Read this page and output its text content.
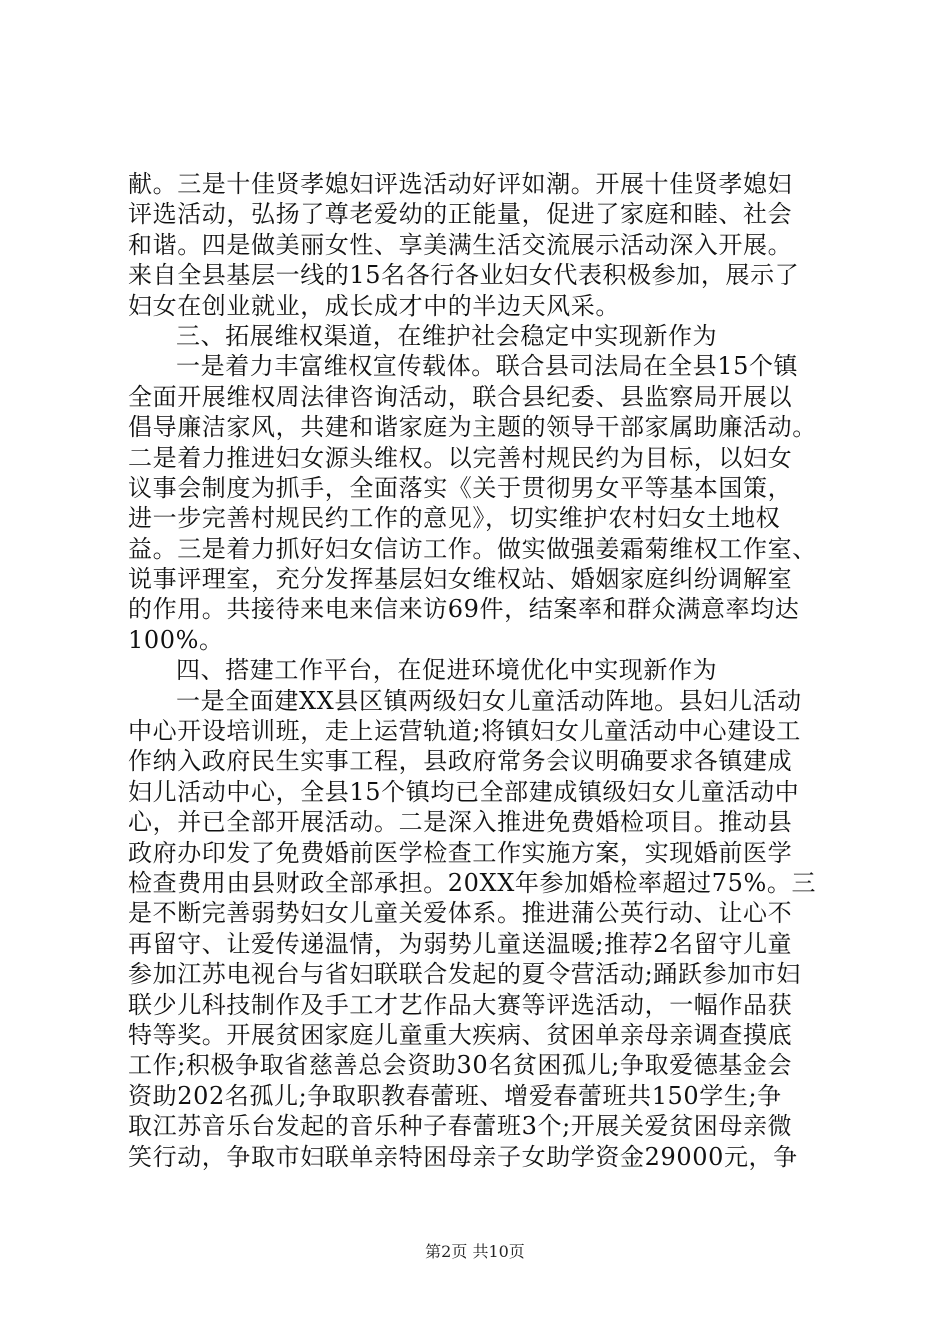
献。三是十佳贤孝媳妇评选活动好评如潮。开展十佳贤孝媳妇
评选活动，弘扬了尊老爱幼的正能量，促进了家庭和睦、社会
和谐。四是做美丽女性、享美满生活交流展示活动深入开展。
来自全县基层一线的15名各行各业妇女代表积极参加，展示了
妇女在创业就业，成长成才中的半边天风采。
三、拓展维权渠道，在维护社会稳定中实现新作为
一是着力丰富维权宣传载体。联合县司法局在全县15个镇
全面开展维权周法律咨询活动，联合县纪委、县监察局开展以
倡导廉洁家风，共建和谐家庭为主题的领导干部家属助廉活动。
二是着力推进妇女源头维权。以完善村规民约为目标，以妇女
议事会制度为抓手，全面落实《关于贯彻男女平等基本国策，
进一步完善村规民约工作的意见》，切实维护农村妇女土地权
益。三是着力抓好妇女信访工作。做实做强姜霜菊维权工作室、
说事评理室，充分发挥基层妇女维权站、婚姻家庭纠纷调解室
的作用。共接待来电来信来访69件，结案率和群众满意率均达
100%。
四、搭建工作平台，在促进环境优化中实现新作为
一是全面建XX县区镇两级妇女儿童活动阵地。县妇儿活动
中心开设培训班，走上运营轨道;将镇妇女儿童活动中心建设工
作纳入政府民生实事工程，县政府常务会议明确要求各镇建成
妇儿活动中心，全县15个镇均已全部建成镇级妇女儿童活动中
心，并已全部开展活动。二是深入推进免费婚检项目。推动县
政府办印发了免费婚前医学检查工作实施方案，实现婚前医学
检查费用由县财政全部承担。20XX年参加婚检率超过75%。三
是不断完善弱势妇女儿童关爱体系。推进蒲公英行动、让心不
再留守、让爱传递温情，为弱势儿童送温暖;推荐2名留守儿童
参加江苏电视台与省妇联联合发起的夏令营活动;踊跃参加市妇
联少儿科技制作及手工才艺作品大赛等评选活动，一幅作品获
特等奖。开展贫困家庭儿童重大疾病、贫困单亲母亲调查摸底
工作;积极争取省慈善总会资助30名贫困孤儿;争取爱德基金会
资助202名孤儿;争取职教春蕾班、增爱春蕾班共150学生;争
取江苏音乐台发起的音乐种子春蕾班3个;开展关爱贫困母亲微
笑行动，争取市妇联单亲特困母亲子女助学资金29000元，争
第2页 共10页
